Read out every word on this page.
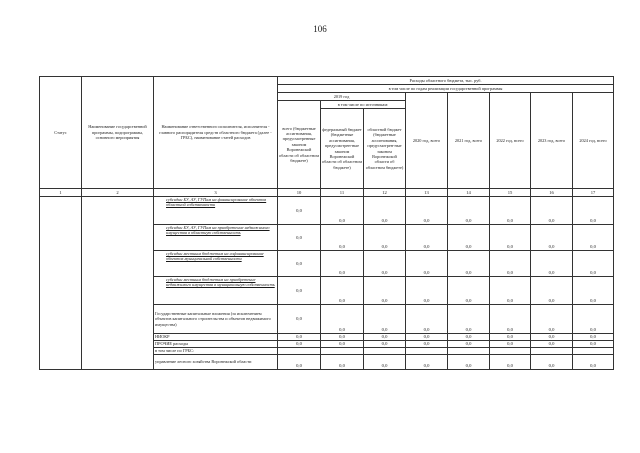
106
Статус	Наименование государственной программы, подпрограммы, основного мероприятия	Наименование ответственного исполнителя, исполнителя - главного распорядителя средств областного бюджета (далее - ГРБС), наименование статей расходов	Расходы областного бюджета, тыс. руб.							
			в том числе по годам реализации государственной программы							
			2019 год			2020 год, всего	2021 год, всего	2022 год, всего	2023 год, всего	2024 год, всего
			всего (бюджетные ассигнования, предусмотренные законом Воронежской области об областном бюджете)	в том числе по источникам:						
				федеральный бюджет (бюджетные ассигнования, предусмотрен-ные законом Воронежской области об областном бюджете)	областной бюджет (бюджетные ассигнования, предусмотрен-ные законом Воронежской области об областном бюджете)					
1	2	3	10	11	12	13	14	15	16	17
		субсидии БУ, АУ, ГУПам на финансирование объектов областной собственности	0,0	0,0	0,0	0,0	0,0	0,0	0,0	0,0
		субсидии БУ, АУ, ГУПам на приобретение недвижимого имущества в областную собственность	0,0	0,0	0,0	0,0	0,0	0,0	0,0	0,0
		субсидии местным бюджетам на софинансирование объектов муниципальной собственности	0,0	0,0	0,0	0,0	0,0	0,0	0,0	0,0
		субсидии местным бюджетам на приобретение недвижимого имущества в муниципальную собственность	0,0	0,0	0,0	0,0	0,0	0,0	0,0	0,0
		Государственные капитальные вложения (за исключением объектов капитального строительства и объектов недвижимого имущества)	0,0	0,0	0,0	0,0	0,0	0,0	0,0	0,0
		НИОКР	0,0	0,0	0,0	0,0	0,0	0,0	0,0	0,0
		ПРОЧИЕ расходы	0,0	0,0	0,0	0,0	0,0	0,0	0,0	0,0
		в том числе по ГРБС:								
		управление лесного хозяйства Воронежской области	0,0	0,0	0,0	0,0	0,0	0,0	0,0	0,0
